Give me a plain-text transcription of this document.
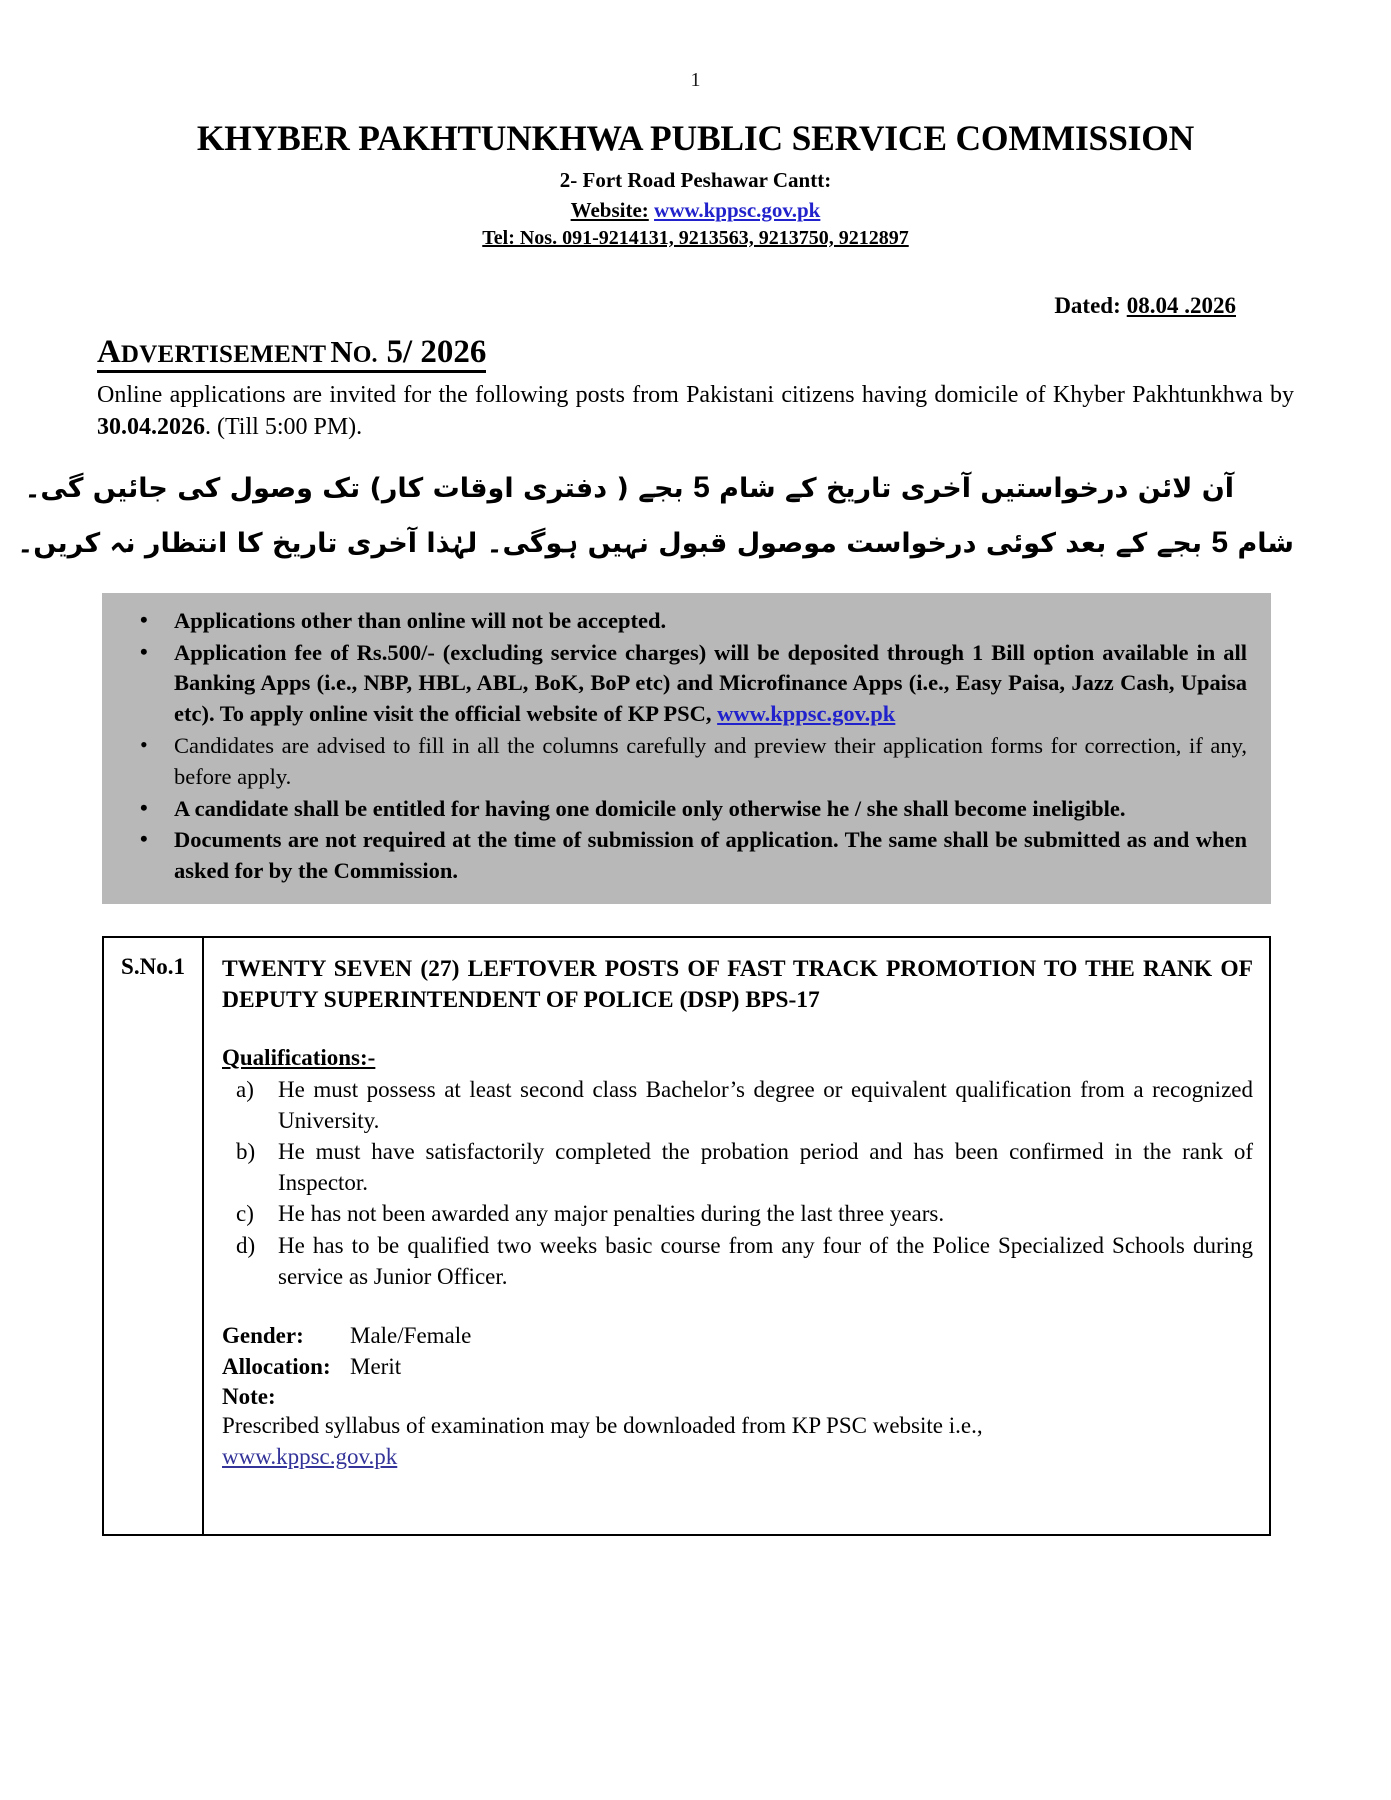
1
KHYBER PAKHTUNKHWA PUBLIC SERVICE COMMISSION
2- Fort Road Peshawar Cantt:
Website: www.kppsc.gov.pk
Tel: Nos. 091-9214131, 9213563, 9213750, 9212897
Dated: 08.04 .2026
ADVERTISEMENT NO. 5/ 2026
Online applications are invited for the following posts from Pakistani citizens having domicile of Khyber Pakhtunkhwa by 30.04.2026. (Till 5:00 PM).
آن لائن درخواستیں آخری تاریخ کے شام 5 بجے ( دفتری اوقات کار) تک وصول کی جائیں گی۔
شام 5 بجے کے بعد کوئی درخواست موصول قبول نہیں ہوگی۔ لہٰذا آخری تاریخ کا انتظار نہ کریں۔
• Applications other than online will not be accepted.
• Application fee of Rs.500/- (excluding service charges) will be deposited through 1 Bill option available in all Banking Apps (i.e., NBP, HBL, ABL, BoK, BoP etc) and Microfinance Apps (i.e., Easy Paisa, Jazz Cash, Upaisa etc). To apply online visit the official website of KP PSC, www.kppsc.gov.pk
• Candidates are advised to fill in all the columns carefully and preview their application forms for correction, if any, before apply.
• A candidate shall be entitled for having one domicile only otherwise he / she shall become ineligible.
• Documents are not required at the time of submission of application. The same shall be submitted as and when asked for by the Commission.
S.No.1	TWENTY SEVEN (27) LEFTOVER POSTS OF FAST TRACK PROMOTION TO THE RANK OF DEPUTY SUPERINTENDENT OF POLICE (DSP) BPS-17
Qualifications:-
a) He must possess at least second class Bachelor’s degree or equivalent qualification from a recognized University.
b) He must have satisfactorily completed the probation period and has been confirmed in the rank of Inspector.
c) He has not been awarded any major penalties during the last three years.
d) He has to be qualified two weeks basic course from any four of the Police Specialized Schools during service as Junior Officer.
Gender: Male/Female
Allocation: Merit
Note:
Prescribed syllabus of examination may be downloaded from KP PSC website i.e.,
www.kppsc.gov.pk
